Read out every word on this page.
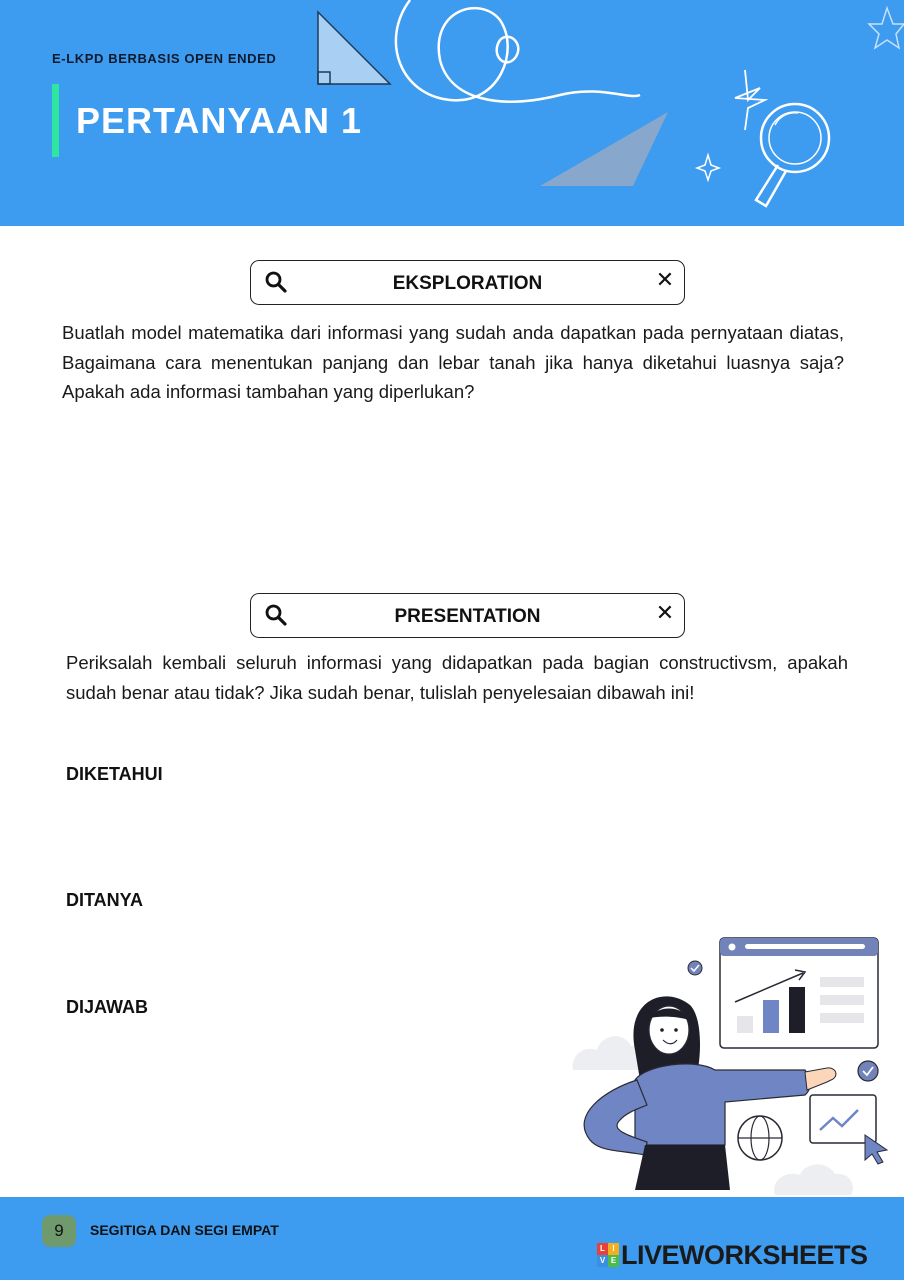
E-LKPD BERBASIS OPEN ENDED
PERTANYAAN 1
EKSPLORATION	✕
Buatlah model matematika dari informasi yang sudah anda dapatkan pada pernyataan diatas, Bagaimana cara menentukan panjang dan lebar tanah jika hanya diketahui luasnya saja? Apakah ada informasi tambahan yang diperlukan?
PRESENTATION	✕
Periksalah kembali seluruh informasi yang didapatkan pada bagian constructivsm, apakah sudah benar atau tidak? Jika sudah benar, tulislah penyelesaian dibawah ini!
DIKETAHUI
DITANYA
DIJAWAB
9	SEGITIGA DAN SEGI EMPAT
L I
V E LIVEWORKSHEETS
